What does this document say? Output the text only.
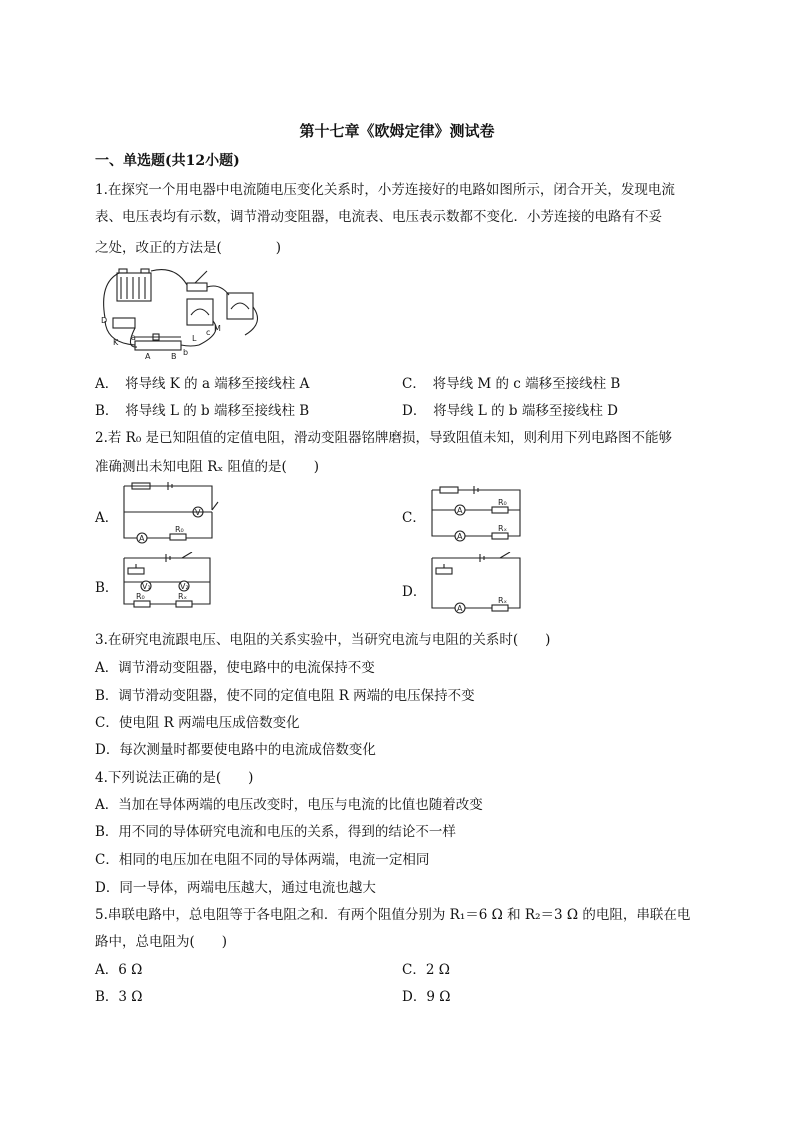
第十七章《欧姆定律》测试卷
一、单选题(共12小题)
1.在探究一个用电器中电流随电压变化关系时，小芳连接好的电路如图所示，闭合开关，发现电流
表、电压表均有示数，调节滑动变阻器，电流表、电压表示数都不变化．小芳连接的电路有不妥
之处，改正的方法是(　　　　)
D
K
a
A	B b
L
c M
A．　将导线 K 的 a 端移至接线柱 A	C．　将导线 M 的 c 端移至接线柱 B
B．　将导线 L 的 b 端移至接线柱 B	D．　将导线 L 的 b 端移至接线柱 D
2.若 R₀ 是已知阻值的定值电阻，滑动变阻器铭牌磨损，导致阻值未知，则利用下列电路图不能够
准确测出未知电阻 Rₓ 阻值的是(　　)
A．	V
R₀
A
C．	A
R₀
A
Rₓ
B．	V₁	V₂
R₀	Rₓ	D．
A
Rₓ
3.在研究电流跟电压、电阻的关系实验中，当研究电流与电阻的关系时(　　)
A．调节滑动变阻器，使电路中的电流保持不变
B．调节滑动变阻器，使不同的定值电阻 R 两端的电压保持不变
C．使电阻 R 两端电压成倍数变化
D．每次测量时都要使电路中的电流成倍数变化
4.下列说法正确的是(　　)
A．当加在导体两端的电压改变时，电压与电流的比值也随着改变
B．用不同的导体研究电流和电压的关系，得到的结论不一样
C．相同的电压加在电阻不同的导体两端，电流一定相同
D．同一导体，两端电压越大，通过电流也越大
5.串联电路中，总电阻等于各电阻之和．有两个阻值分别为 R₁＝6 Ω 和 R₂＝3 Ω 的电阻，串联在电
路中，总电阻为(　　)
A．6 Ω	C．2 Ω
B．3 Ω	D．9 Ω
